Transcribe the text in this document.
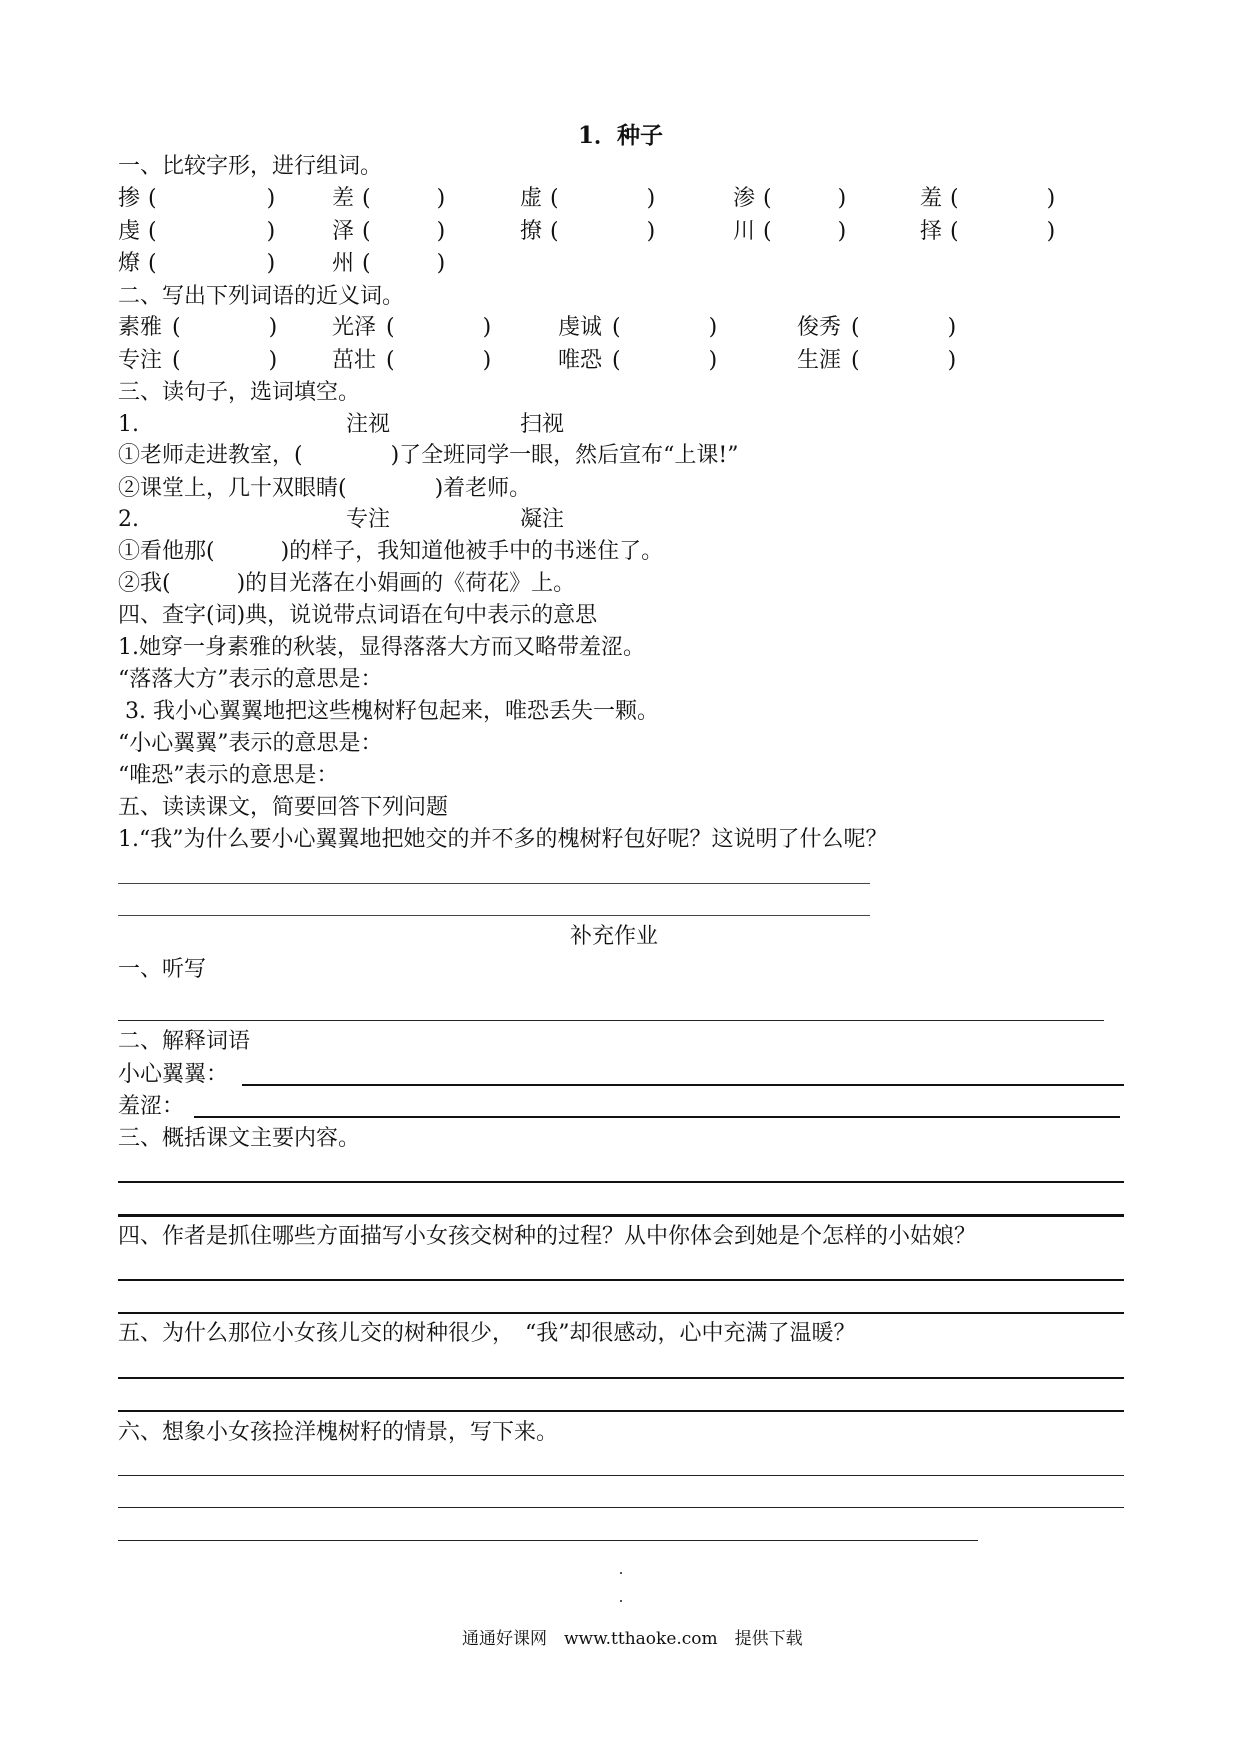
1．种子
一、比较字形，进行组词。
掺 (　　　　　)	差 (　　　)	虚 (　　　　)	渗 (　　　)	羞 (　　　　)
虔 (　　　　　)	泽 (　　　)	撩 (　　　　)	川 (　　　)	择 (　　　　)
燎 (　　　　　)	州 (　　　)
二、写出下列词语的近义词。
素雅 (　　　　) 光泽 (　　　　)	虔诚 (　　　　)	俊秀 (　　　　)
专注 (　　　　) 茁壮 (　　　　)	唯恐 (　　　　)	生涯 (　　　　)
三、读句子，选词填空。
1.	注视	扫视
①老师走进教室，(　　　　)了全班同学一眼，然后宣布“上课!”
②课堂上，几十双眼睛(　　　　)着老师。
2.	专注	凝注
①看他那(　　　)的样子，我知道他被手中的书迷住了。
②我(　　　)的目光落在小娟画的《荷花》上。
四、查字(词)典，说说带点词语在句中表示的意思
1.她穿一身素雅的秋装，显得落落大方而又略带羞涩。
“落落大方”表示的意思是：
3. 我小心翼翼地把这些槐树籽包起来，唯恐丢失一颗。
“小心翼翼”表示的意思是：
“唯恐”表示的意思是：
五、读读课文，简要回答下列问题
1.“我”为什么要小心翼翼地把她交的并不多的槐树籽包好呢？这说明了什么呢？
补充作业
一、听写
二、解释词语
小心翼翼：
羞涩：
三、概括课文主要内容。
四、作者是抓住哪些方面描写小女孩交树种的过程？从中你体会到她是个怎样的小姑娘？
五、为什么那位小女孩儿交的树种很少，　“我”却很感动，心中充满了温暖？
六、想象小女孩捡洋槐树籽的情景，写下来。
通通好课网　www.tthaoke.com　提供下载
